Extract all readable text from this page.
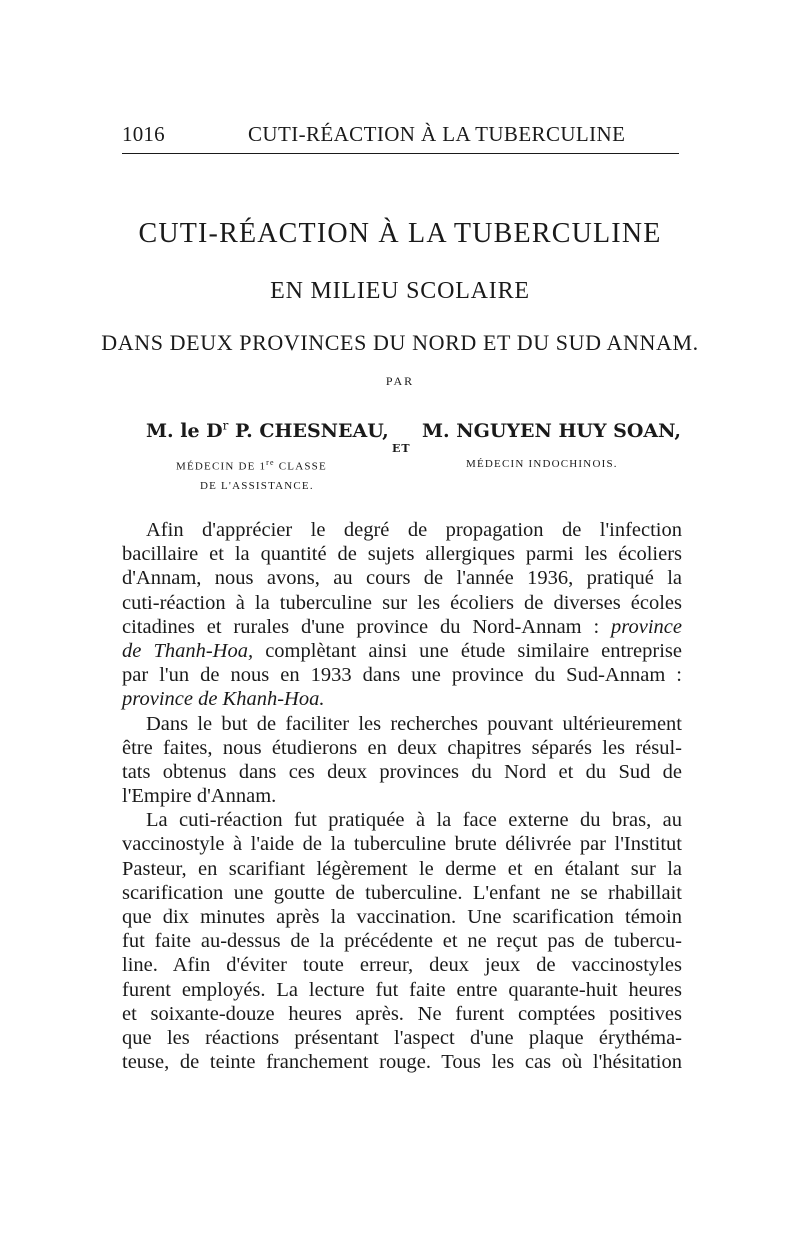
1016	CUTI-RÉACTION À LA TUBERCULINE
CUTI-RÉACTION À LA TUBERCULINE
EN MILIEU SCOLAIRE
DANS DEUX PROVINCES DU NORD ET DU SUD ANNAM.
PAR
M. le $D^r$ P. CHESNEAU, M. NGUYEN HUY SOAN,
ET
MÉDECIN DE 1re CLASSE
DE L'ASSISTANCE.
MÉDECIN INDOCHINOIS.
Afin d'apprécier le degré de propagation de l'infection
bacillaire et la quantité de sujets allergiques parmi les écoliers
d'Annam, nous avons, au cours de l'année 1936, pratiqué la
cuti-réaction à la tuberculine sur les écoliers de diverses écoles
citadines et rurales d'une province du Nord-Annam : province
de Thanh-Hoa, complètant ainsi une étude similaire entreprise
par l'un de nous en 1933 dans une province du Sud-Annam :
province de Khanh-Hoa.
Dans le but de faciliter les recherches pouvant ultérieurement
être faites, nous étudierons en deux chapitres séparés les résul-
tats obtenus dans ces deux provinces du Nord et du Sud de
l'Empire d'Annam.
La cuti-réaction fut pratiquée à la face externe du bras, au
vaccinostyle à l'aide de la tuberculine brute délivrée par l'Institut
Pasteur, en scarifiant légèrement le derme et en étalant sur la
scarification une goutte de tuberculine. L'enfant ne se rhabillait
que dix minutes après la vaccination. Une scarification témoin
fut faite au-dessus de la précédente et ne reçut pas de tubercu-
line. Afin d'éviter toute erreur, deux jeux de vaccinostyles
furent employés. La lecture fut faite entre quarante-huit heures
et soixante-douze heures après. Ne furent comptées positives
que les réactions présentant l'aspect d'une plaque érythéma-
teuse, de teinte franchement rouge. Tous les cas où l'hésitation
